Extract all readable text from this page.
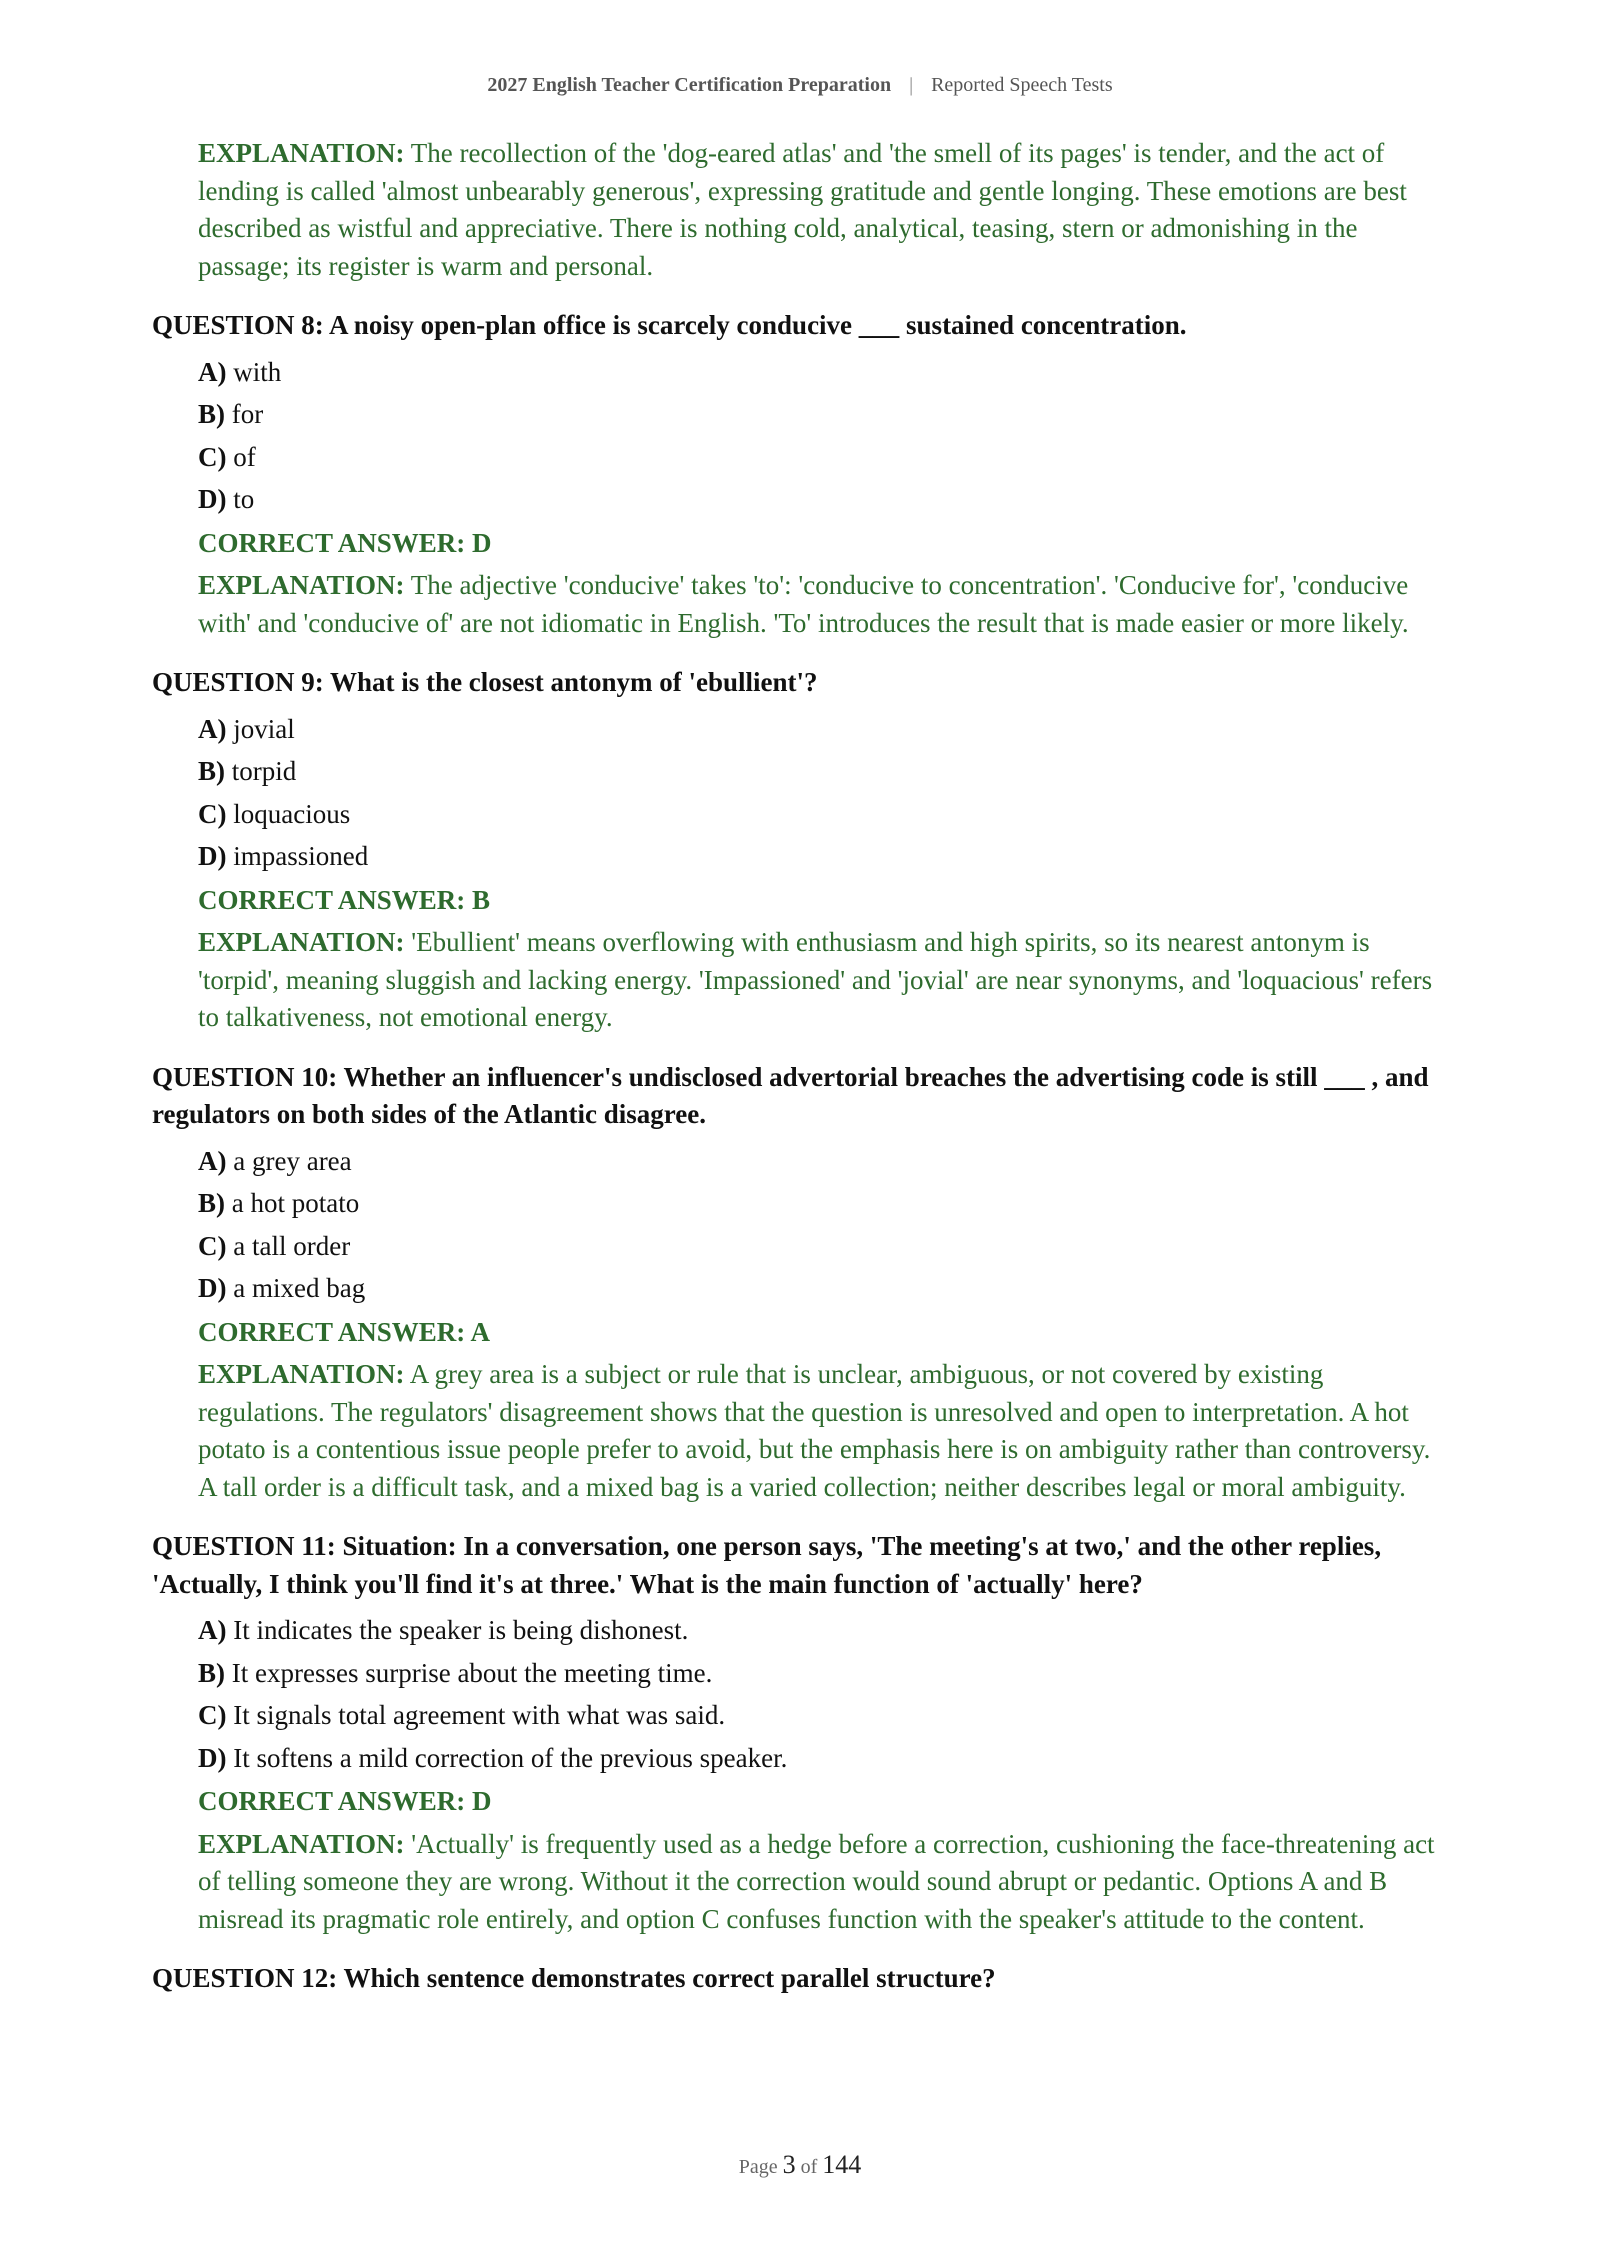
2027 English Teacher Certification Preparation | Reported Speech Tests

EXPLANATION: The recollection of the 'dog-eared atlas' and 'the smell of its pages' is tender, and the act of lending is called 'almost unbearably generous', expressing gratitude and gentle longing. These emotions are best described as wistful and appreciative. There is nothing cold, analytical, teasing, stern or admonishing in the passage; its register is warm and personal.

QUESTION 8: A noisy open-plan office is scarcely conducive ___ sustained concentration.

A) with
B) for
C) of
D) to

CORRECT ANSWER: D

EXPLANATION: The adjective 'conducive' takes 'to': 'conducive to concentration'. 'Conducive for', 'conducive with' and 'conducive of' are not idiomatic in English. 'To' introduces the result that is made easier or more likely.

QUESTION 9: What is the closest antonym of 'ebullient'?

A) jovial
B) torpid
C) loquacious
D) impassioned

CORRECT ANSWER: B

EXPLANATION: 'Ebullient' means overflowing with enthusiasm and high spirits, so its nearest antonym is 'torpid', meaning sluggish and lacking energy. 'Impassioned' and 'jovial' are near synonyms, and 'loquacious' refers to talkativeness, not emotional energy.

QUESTION 10: Whether an influencer's undisclosed advertorial breaches the advertising code is still ___ , and regulators on both sides of the Atlantic disagree.

A) a grey area
B) a hot potato
C) a tall order
D) a mixed bag

CORRECT ANSWER: A

EXPLANATION: A grey area is a subject or rule that is unclear, ambiguous, or not covered by existing regulations. The regulators' disagreement shows that the question is unresolved and open to interpretation. A hot potato is a contentious issue people prefer to avoid, but the emphasis here is on ambiguity rather than controversy. A tall order is a difficult task, and a mixed bag is a varied collection; neither describes legal or moral ambiguity.

QUESTION 11: Situation: In a conversation, one person says, 'The meeting's at two,' and the other replies, 'Actually, I think you'll find it's at three.' What is the main function of 'actually' here?

A) It indicates the speaker is being dishonest.
B) It expresses surprise about the meeting time.
C) It signals total agreement with what was said.
D) It softens a mild correction of the previous speaker.

CORRECT ANSWER: D

EXPLANATION: 'Actually' is frequently used as a hedge before a correction, cushioning the face-threatening act of telling someone they are wrong. Without it the correction would sound abrupt or pedantic. Options A and B misread its pragmatic role entirely, and option C confuses function with the speaker's attitude to the content.

QUESTION 12: Which sentence demonstrates correct parallel structure?

Page 3 of 144
